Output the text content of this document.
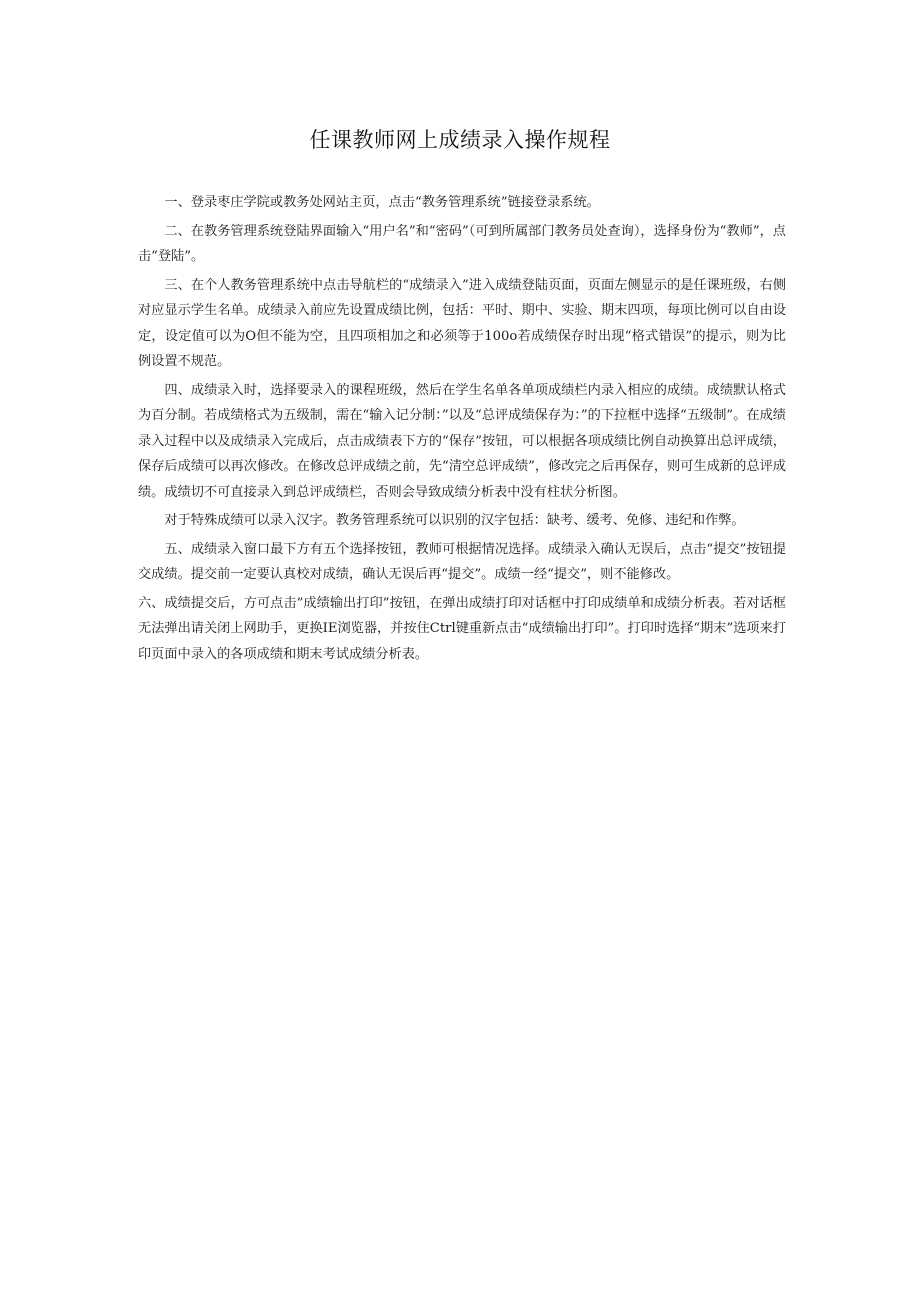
任课教师网上成绩录入操作规程

一、登录枣庄学院或教务处网站主页，点击“教务管理系统”链接登录系统。

二、在教务管理系统登陆界面输入“用户名”和“密码”（可到所属部门教务员处查询），选择身份为“教师”，点击“登陆”。

三、在个人教务管理系统中点击导航栏的“成绩录入”进入成绩登陆页面，页面左侧显示的是任课班级，右侧对应显示学生名单。成绩录入前应先设置成绩比例，包括：平时、期中、实验、期末四项，每项比例可以自由设定，设定值可以为O但不能为空，且四项相加之和必须等于100o若成绩保存时出现“格式错误”的提示，则为比例设置不规范。

四、成绩录入时，选择要录入的课程班级，然后在学生名单各单项成绩栏内录入相应的成绩。成绩默认格式为百分制。若成绩格式为五级制，需在“输入记分制：”以及“总评成绩保存为：”的下拉框中选择“五级制”。在成绩录入过程中以及成绩录入完成后，点击成绩表下方的“保存”按钮，可以根据各项成绩比例自动换算出总评成绩，保存后成绩可以再次修改。在修改总评成绩之前，先“清空总评成绩”，修改完之后再保存，则可生成新的总评成绩。成绩切不可直接录入到总评成绩栏，否则会导致成绩分析表中没有柱状分析图。

对于特殊成绩可以录入汉字。教务管理系统可以识别的汉字包括：缺考、缓考、免修、违纪和作弊。

五、成绩录入窗口最下方有五个选择按钮，教师可根据情况选择。成绩录入确认无误后，点击“提交”按钮提交成绩。提交前一定要认真校对成绩，确认无误后再“提交”。成绩一经“提交”，则不能修改。

六、成绩提交后，方可点击”成绩输出打印”按钮，在弹出成绩打印对话框中打印成绩单和成绩分析表。若对话框无法弹出请关闭上网助手，更换IE浏览器，并按住Ctrl键重新点击“成绩输出打印”。打印时选择“期末”选项来打印页面中录入的各项成绩和期末考试成绩分析表。
